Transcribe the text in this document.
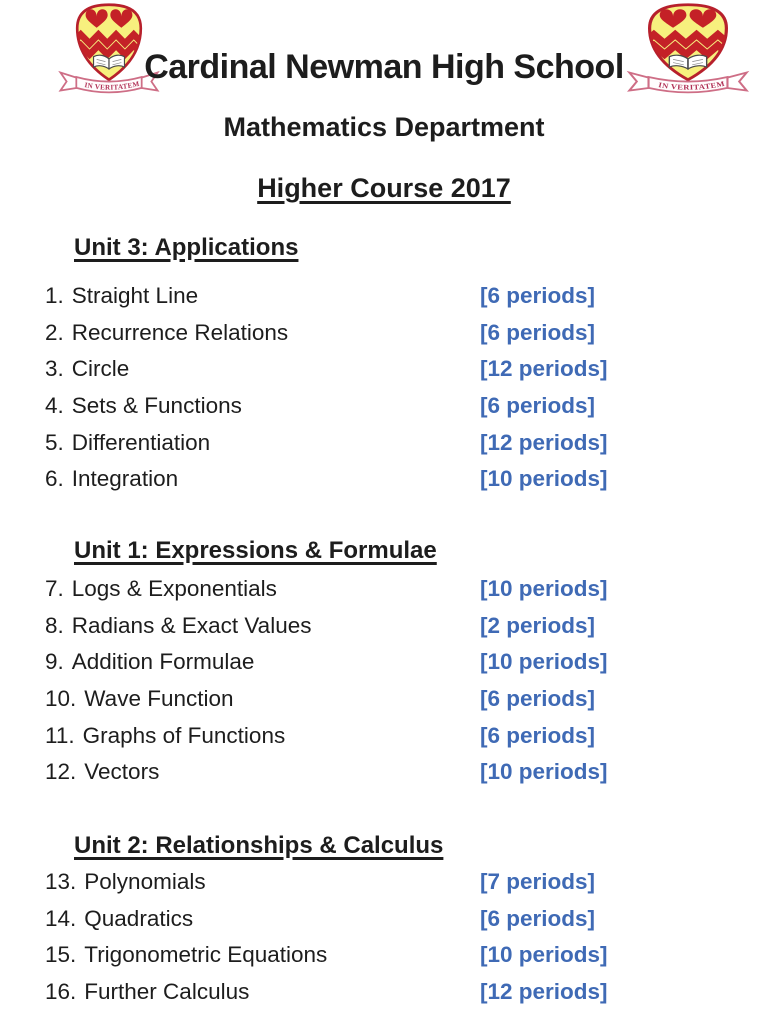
IN VERITATEM	IN VERITATEM
Cardinal Newman High School
Mathematics Department
Higher Course 2017
Unit 3: Applications
1. Straight Line	[6 periods]
2. Recurrence Relations	[6 periods]
3. Circle	[12 periods]
4. Sets & Functions	[6 periods]
5. Differentiation	[12 periods]
6. Integration	[10 periods]
Unit 1: Expressions & Formulae
7. Logs & Exponentials	[10 periods]
8. Radians & Exact Values	[2 periods]
9. Addition Formulae	[10 periods]
10. Wave Function	[6 periods]
11. Graphs of Functions	[6 periods]
12. Vectors	[10 periods]
Unit 2: Relationships & Calculus
13. Polynomials	[7 periods]
14. Quadratics	[6 periods]
15. Trigonometric Equations	[10 periods]
16. Further Calculus	[12 periods]
